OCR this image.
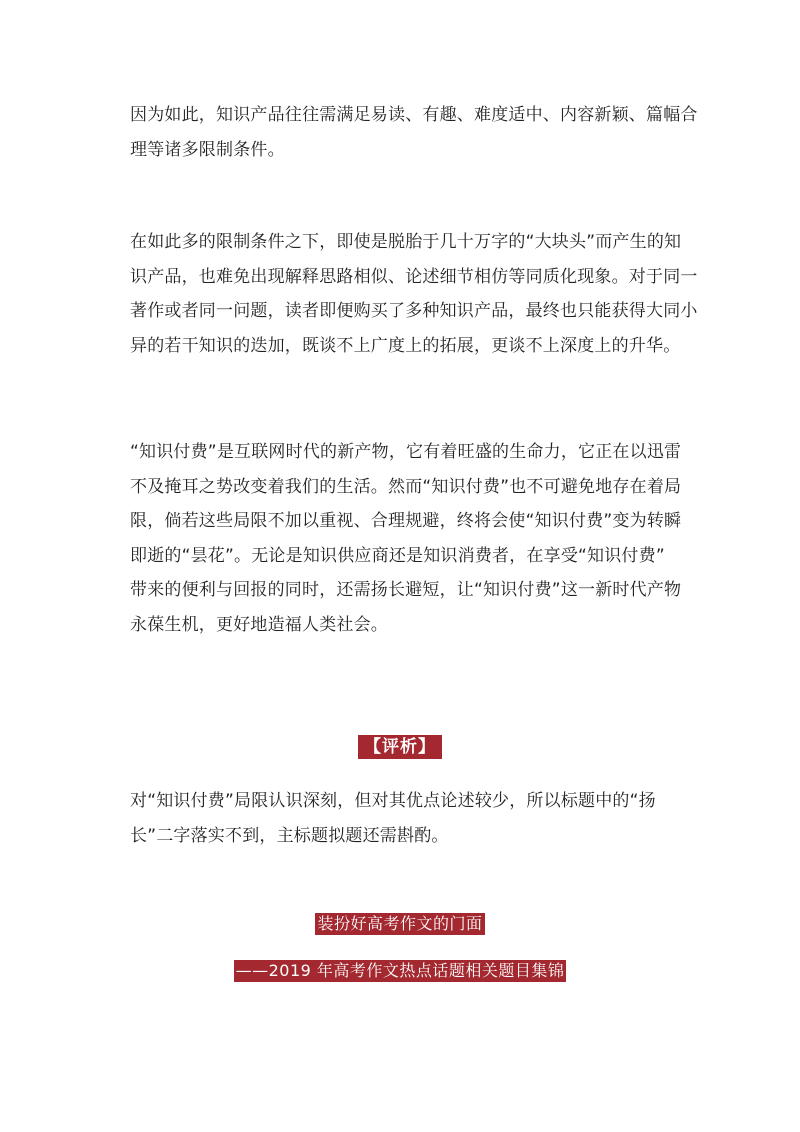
因为如此，知识产品往往需满足易读、有趣、难度适中、内容新颖、篇幅合
理等诸多限制条件。

在如此多的限制条件之下，即使是脱胎于几十万字的“大块头”而产生的知
识产品，也难免出现解释思路相似、论述细节相仿等同质化现象。对于同一
著作或者同一问题，读者即便购买了多种知识产品，最终也只能获得大同小
异的若干知识的迭加，既谈不上广度上的拓展，更谈不上深度上的升华。

“知识付费”是互联网时代的新产物，它有着旺盛的生命力，它正在以迅雷
不及掩耳之势改变着我们的生活。然而“知识付费”也不可避免地存在着局
限，倘若这些局限不加以重视、合理规避，终将会使“知识付费”变为转瞬
即逝的“昙花”。无论是知识供应商还是知识消费者，在享受“知识付费”
带来的便利与回报的同时，还需扬长避短，让“知识付费”这一新时代产物
永葆生机，更好地造福人类社会。

【评析】

对“知识付费”局限认识深刻，但对其优点论述较少，所以标题中的“扬
长”二字落实不到，主标题拟题还需斟酌。

装扮好高考作文的门面
——2019 年高考作文热点话题相关题目集锦
